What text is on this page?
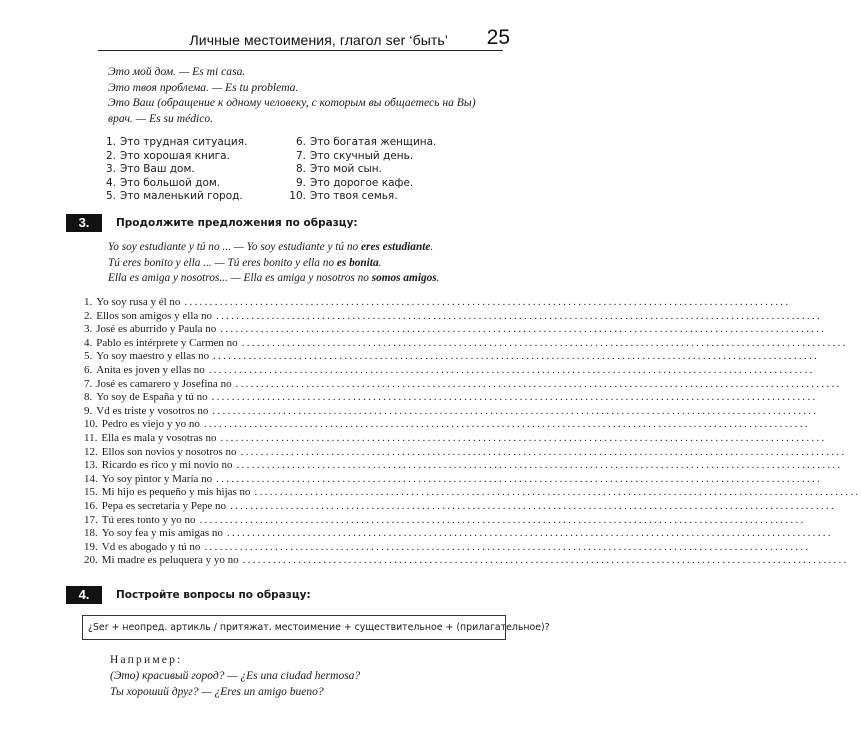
Личные местоимения, глагол ser ‘быть’ 25
Это мой дом. — Es mi casa.
Это твоя проблема. — Es tu problema.
Это Ваш (обращение к одному человеку, с которым вы общаетесь на Вы)
врач. — Es su médico.
1. Это трудная ситуация.
2. Это хорошая книга.
3. Это Ваш дом.
4. Это большой дом.
5. Это маленький город.
6. Это богатая женщина.
7. Это скучный день.
8. Это мой сын.
9. Это дорогое кафе.
10. Это твоя семья.
3.	Продолжите предложения по образцу:
Yo soy estudiante y tú no ... — Yo soy estudiante y tú no eres estudiante.
Tú eres bonito y ella ... — Tú eres bonito y ella no es bonita.
Ella es amiga y nosotros... — Ella es amiga y nosotros no somos amigos.
1. Yo soy rusa y él no ........................................................................................................................
2. Ellos son amigos y ella no ........................................................................................................................
3. José es aburrido y Paula no ........................................................................................................................
4. Pablo es intérprete y Carmen no ........................................................................................................................
5. Yo soy maestro y ellas no ........................................................................................................................
6. Anita es joven y ellas no ........................................................................................................................
7. José es camarero y Josefina no ........................................................................................................................
8. Yo soy de España y tú no ........................................................................................................................
9. Vd es triste y vosotros no ........................................................................................................................
10. Pedro es viejo y yo no ........................................................................................................................
11. Ella es mala y vosotras no ........................................................................................................................
12. Ellos son novios y nosotros no ........................................................................................................................
13. Ricardo es rico y mi novio no ........................................................................................................................
14. Yo soy pintor y María no ........................................................................................................................
15. Mi hijo es pequeño y mis hijas no ........................................................................................................................
16. Pepa es secretaria y Pepe no ........................................................................................................................
17. Tú eres tonto y yo no ........................................................................................................................
18. Yo soy fea y mis amigas no ........................................................................................................................
19. Vd es abogado y tú no ........................................................................................................................
20. Mi madre es peluquera y yo no ........................................................................................................................
4.	Постройте вопросы по образцу:
¿Ser + неопред. артикль / притяжат. местоимение + существительное + (прилагательное)?
Например:
(Это) красивый город? — ¿Es una ciudad hermosa?
Ты хороший друг? — ¿Eres un amigo bueno?
